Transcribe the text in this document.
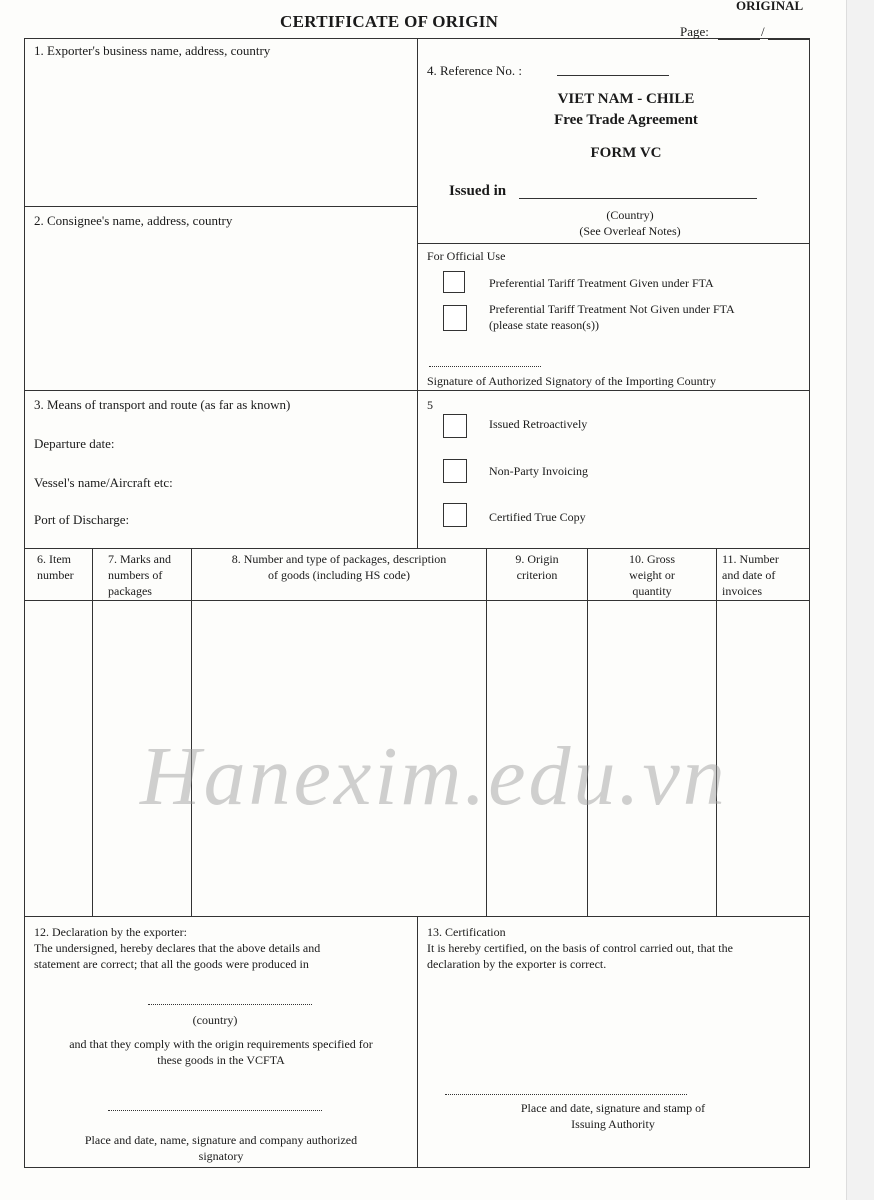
ORIGINAL
CERTIFICATE OF ORIGIN
Page:	/
1. Exporter's business name, address, country
2. Consignee's name, address, country
3. Means of transport and route (as far as known)
Departure date:
Vessel's name/Aircraft etc:
Port of Discharge:
4. Reference No. :
VIET NAM - CHILE
Free Trade Agreement
FORM VC
Issued in
(Country)
(See Overleaf Notes)
For Official Use
Preferential Tariff Treatment Given under FTA
Preferential Tariff Treatment Not Given under FTA
(please state reason(s))
Signature of Authorized Signatory of the Importing Country
5
Issued Retroactively
Non-Party Invoicing
Certified True Copy
6. Item
number
7. Marks and
numbers of
packages
8. Number and type of packages, description
of goods (including HS code)
9. Origin
criterion
10. Gross
weight or
quantity
11. Number
and date of
invoices
12. Declaration by the exporter:
The undersigned, hereby declares that the above details and
statement are correct; that all the goods were produced in
(country)
and that they comply with the origin requirements specified for
these goods in the VCFTA
Place and date, name, signature and company authorized
signatory
13. Certification
It is hereby certified, on the basis of control carried out, that the
declaration by the exporter is correct.
Place and date, signature and stamp of
Issuing Authority
Hanexim.edu.vn
